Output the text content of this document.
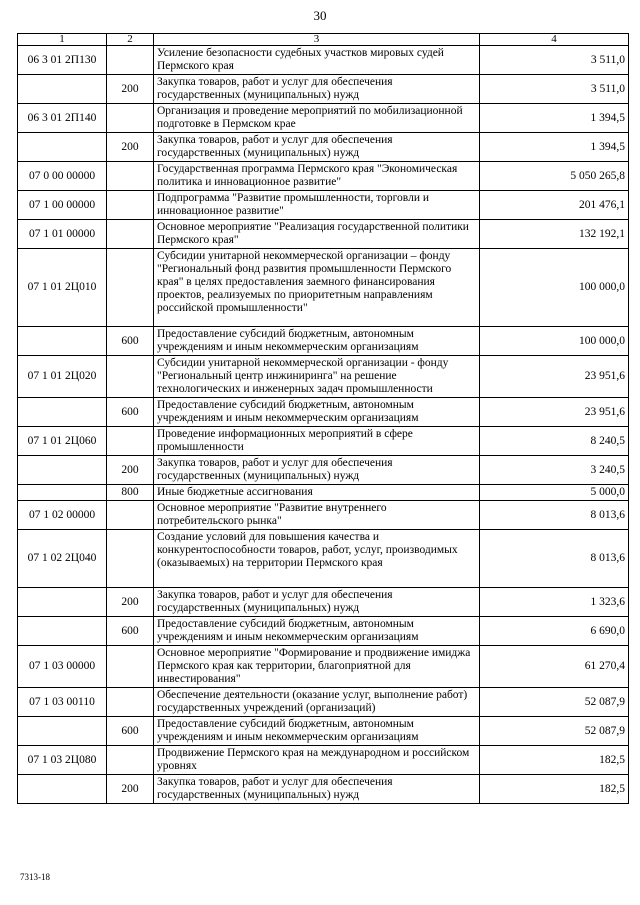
30
1	2	3	4
06 3 01 2П130		Усиление безопасности судебных участков мировых судей Пермского края	3 511,0
	200	Закупка товаров, работ и услуг для обеспечения государственных (муниципальных) нужд	3 511,0
06 3 01 2П140		Организация и проведение мероприятий по мобилизационной подготовке в Пермском крае	1 394,5
	200	Закупка товаров, работ и услуг для обеспечения государственных (муниципальных) нужд	1 394,5
07 0 00 00000		Государственная программа Пермского края "Экономическая политика и инновационное развитие"	5 050 265,8
07 1 00 00000		Подпрограмма "Развитие промышленности, торговли и инновационное развитие"	201 476,1
07 1 01 00000		Основное мероприятие "Реализация государственной политики Пермского края"	132 192,1
07 1 01 2Ц010		Субсидии унитарной некоммерческой организации – фонду "Региональный фонд развития промышленности Пермского края" в целях предоставления заемного финансирования проектов, реализуемых по приоритетным направлениям российской промышленности"	100 000,0
	600	Предоставление субсидий бюджетным, автономным учреждениям и иным некоммерческим организациям	100 000,0
07 1 01 2Ц020		Субсидии унитарной некоммерческой организации - фонду "Региональный центр инжиниринга" на решение технологических и инженерных задач промышленности	23 951,6
	600	Предоставление субсидий бюджетным, автономным учреждениям и иным некоммерческим организациям	23 951,6
07 1 01 2Ц060		Проведение информационных мероприятий в сфере промышленности	8 240,5
	200	Закупка товаров, работ и услуг для обеспечения государственных (муниципальных) нужд	3 240,5
	800	Иные бюджетные ассигнования	5 000,0
07 1 02 00000		Основное мероприятие "Развитие внутреннего потребительского рынка"	8 013,6
07 1 02 2Ц040		Создание условий для повышения качества и конкурентоспособности товаров, работ, услуг, производимых (оказываемых) на территории Пермского края	8 013,6
	200	Закупка товаров, работ и услуг для обеспечения государственных (муниципальных) нужд	1 323,6
	600	Предоставление субсидий бюджетным, автономным учреждениям и иным некоммерческим организациям	6 690,0
07 1 03 00000		Основное мероприятие "Формирование и продвижение имиджа Пермского края как территории, благоприятной для инвестирования"	61 270,4
07 1 03 00110		Обеспечение деятельности (оказание услуг, выполнение работ) государственных учреждений (организаций)	52 087,9
	600	Предоставление субсидий бюджетным, автономным учреждениям и иным некоммерческим организациям	52 087,9
07 1 03 2Ц080		Продвижение Пермского края на международном и российском уровнях	182,5
	200	Закупка товаров, работ и услуг для обеспечения государственных (муниципальных) нужд	182,5
7313-18
